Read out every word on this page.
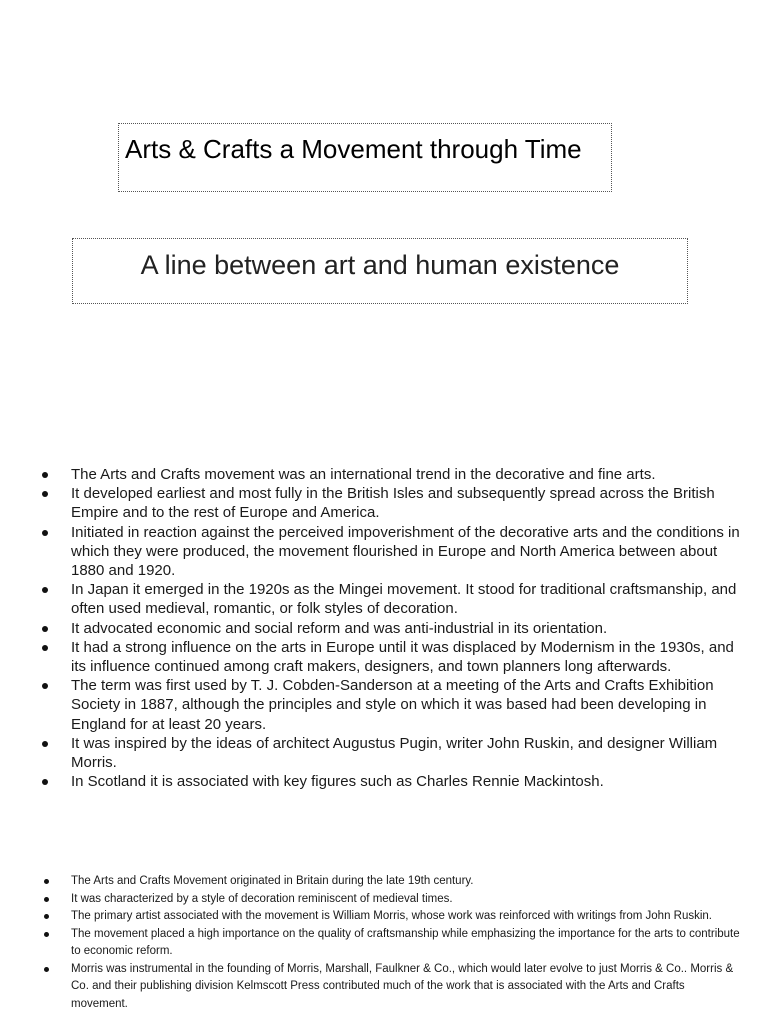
Arts & Crafts a Movement through Time
A line between art and human existence
The Arts and Crafts movement was an international trend in the decorative and fine arts.
It developed earliest and most fully in the British Isles and subsequently spread across the British Empire and to the rest of Europe and America.
Initiated in reaction against the perceived impoverishment of the decorative arts and the conditions in which they were produced, the movement flourished in Europe and North America between about 1880 and 1920.
In Japan it emerged in the 1920s as the Mingei movement. It stood for traditional craftsmanship, and often used medieval, romantic, or folk styles of decoration.
It advocated economic and social reform and was anti-industrial in its orientation.
It had a strong influence on the arts in Europe until it was displaced by Modernism in the 1930s, and its influence continued among craft makers, designers, and town planners long afterwards.
The term was first used by T. J. Cobden-Sanderson at a meeting of the Arts and Crafts Exhibition Society in 1887, although the principles and style on which it was based had been developing in England for at least 20 years.
It was inspired by the ideas of architect Augustus Pugin, writer John Ruskin, and designer William Morris.
In Scotland it is associated with key figures such as Charles Rennie Mackintosh.
The Arts and Crafts Movement originated in Britain during the late 19th century.
It was characterized by a style of decoration reminiscent of medieval times.
The primary artist associated with the movement is William Morris, whose work was reinforced with writings from John Ruskin.
The movement placed a high importance on the quality of craftsmanship while emphasizing the importance for the arts to contribute to economic reform.
Morris was instrumental in the founding of Morris, Marshall, Faulkner & Co., which would later evolve to just Morris & Co.. Morris & Co. and their publishing division Kelmscott Press contributed much of the work that is associated with the Arts and Crafts movement.
